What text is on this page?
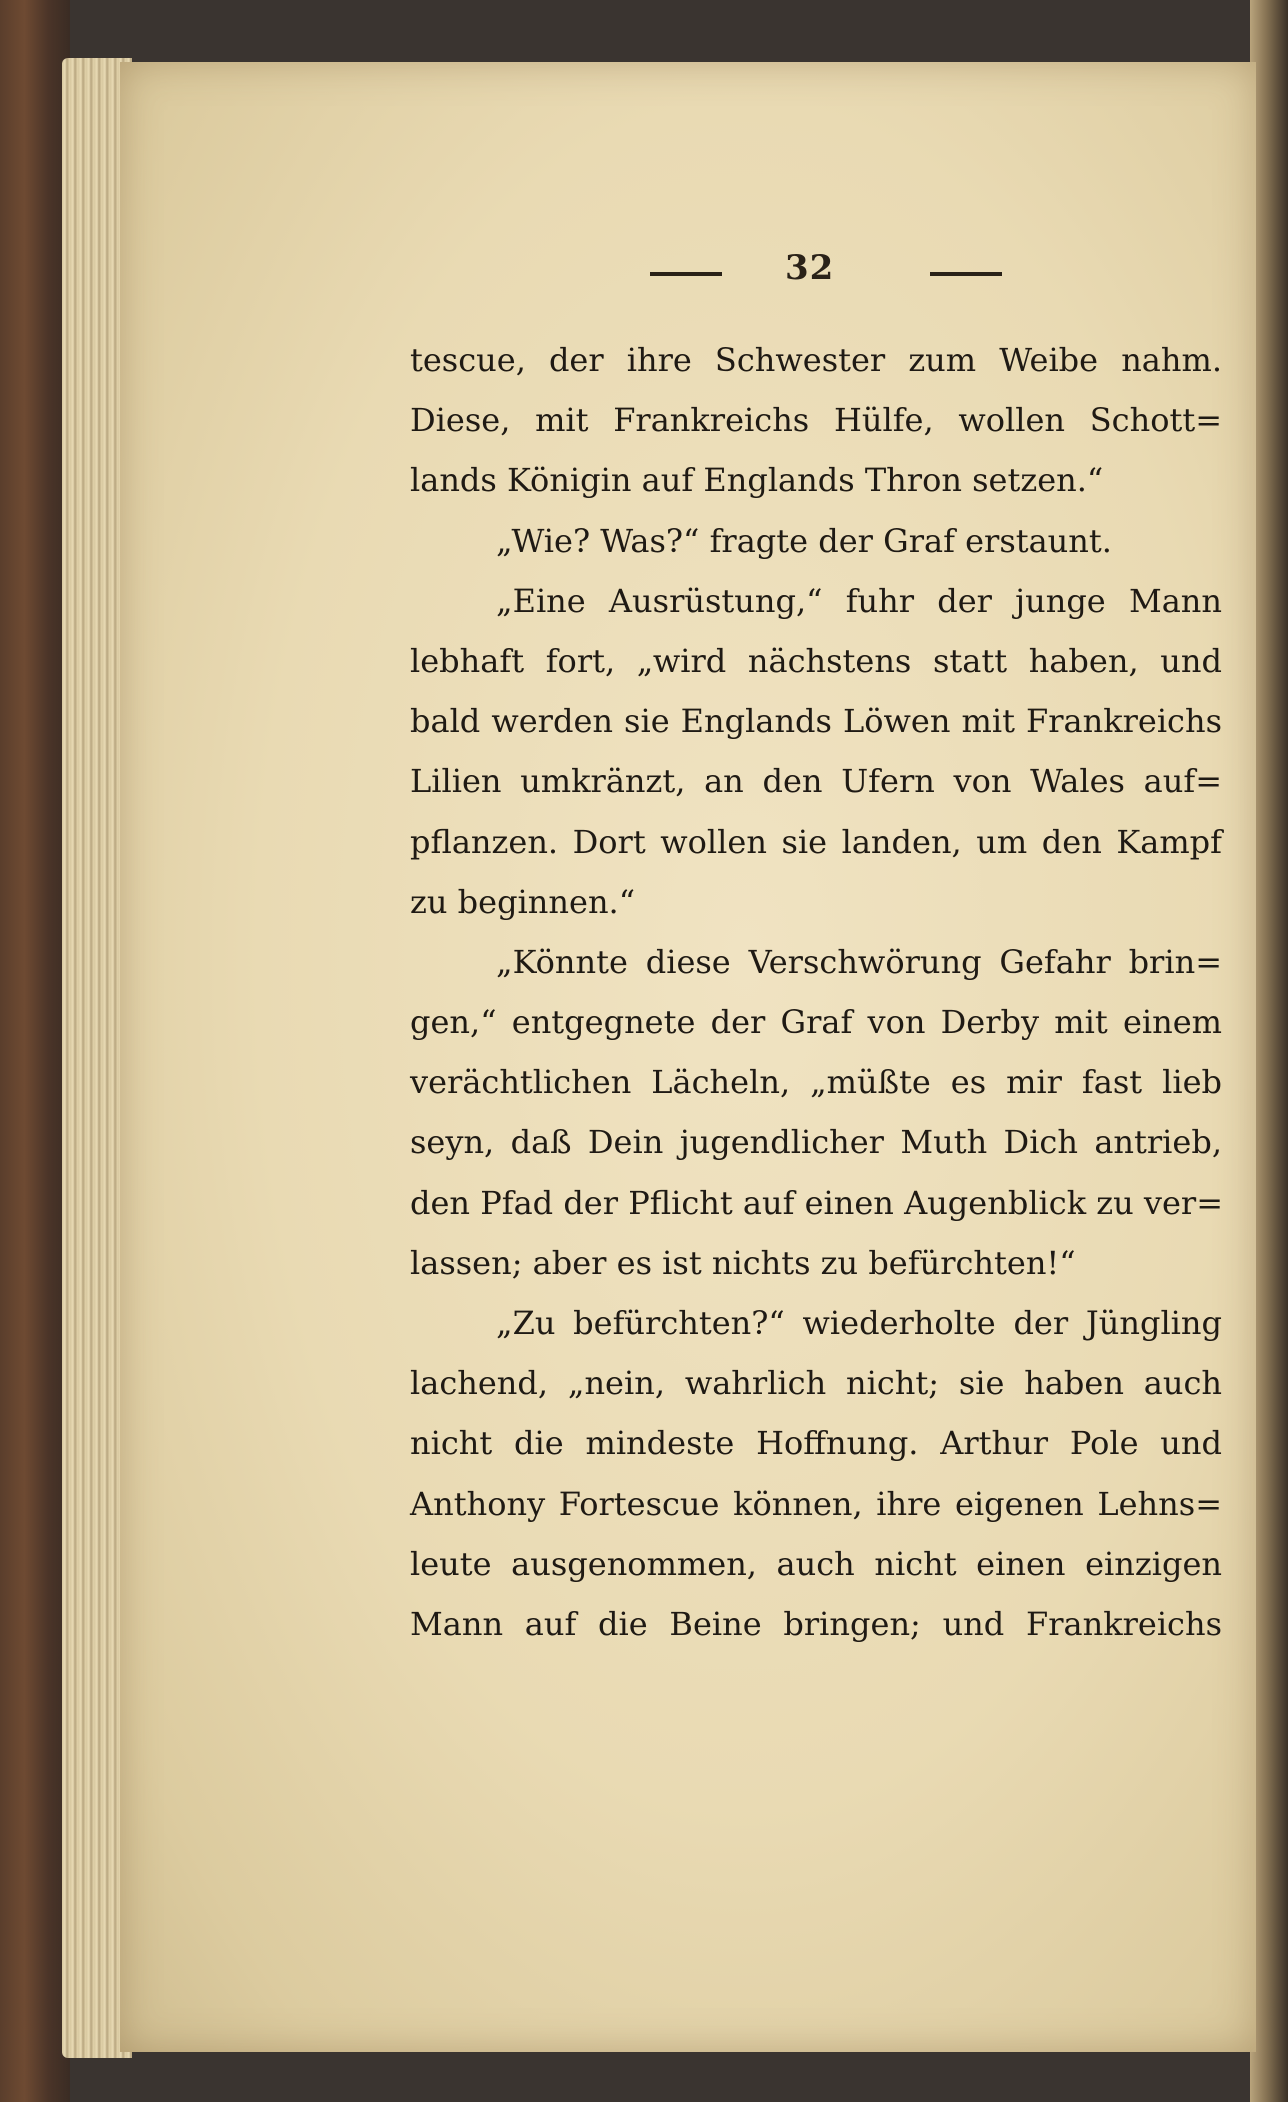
32
tescue, der ihre Schwester zum Weibe nahm.
Diese, mit Frankreichs Hülfe, wollen Schott=
lands Königin auf Englands Thron setzen.“
„Wie? Was?“ fragte der Graf erstaunt.
„Eine Ausrüstung,“ fuhr der junge Mann
lebhaft fort, „wird nächstens statt haben, und
bald werden sie Englands Löwen mit Frankreichs
Lilien umkränzt, an den Ufern von Wales auf=
pflanzen. Dort wollen sie landen, um den Kampf
zu beginnen.“
„Könnte diese Verschwörung Gefahr brin=
gen,“ entgegnete der Graf von Derby mit einem
verächtlichen Lächeln, „müßte es mir fast lieb
seyn, daß Dein jugendlicher Muth Dich antrieb,
den Pfad der Pflicht auf einen Augenblick zu ver=
lassen; aber es ist nichts zu befürchten!“
„Zu befürchten?“ wiederholte der Jüngling
lachend, „nein, wahrlich nicht; sie haben auch
nicht die mindeste Hoffnung. Arthur Pole und
Anthony Fortescue können, ihre eigenen Lehns=
leute ausgenommen, auch nicht einen einzigen
Mann auf die Beine bringen; und Frankreichs
